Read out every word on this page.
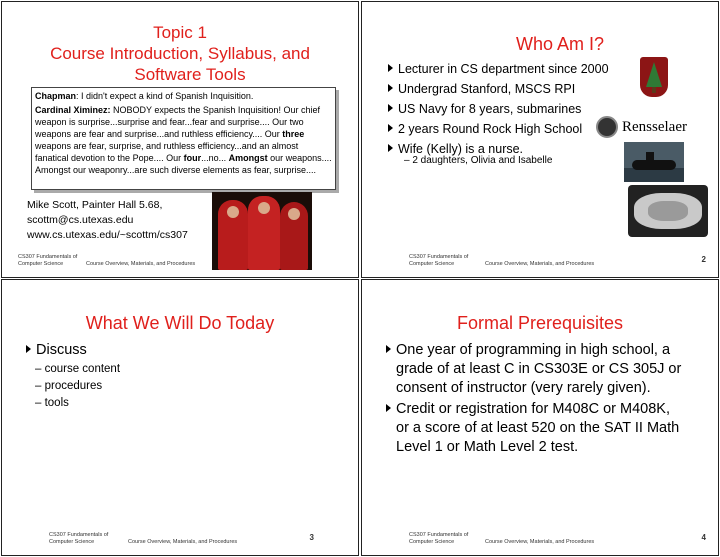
Topic 1
Course Introduction, Syllabus, and
Software Tools

Chapman: I didn't expect a kind of Spanish Inquisition.

Cardinal Ximinez: NOBODY expects the Spanish Inquisition! Our chief weapon is surprise...surprise and fear...fear and surprise.... Our two weapons are fear and surprise...and ruthless efficiency.... Our three weapons are fear, surprise, and ruthless efficiency...and an almost fanatical devotion to the Pope.... Our four...no... Amongst our weapons.... Amongst our weaponry...are such diverse elements as fear, surprise....

Mike Scott, Painter Hall 5.68,
scottm@cs.utexas.edu
www.cs.utexas.edu/~scottm/cs307
CS307 Fundamentals of Computer Science	Course Overview, Materials, and Procedures
Who Am I?
Lecturer in CS department since 2000
Undergrad Stanford, MSCS RPI
US Navy for 8 years, submarines
2 years Round Rock High School
Wife (Kelly) is a nurse.
– 2 daughters, Olivia and Isabelle
Rensselaer
CS307 Fundamentals of Computer Science	Course Overview, Materials, and Procedures	2
What We Will Do Today
Discuss
– course content
– procedures
– tools
CS307 Fundamentals of Computer Science	Course Overview, Materials, and Procedures	3
Formal Prerequisites
One year of programming in high school, a
grade of at least C in CS303E or CS 305J or
consent of instructor (very rarely given).
Credit or registration for M408C or M408K,
or a score of at least 520 on the SAT II Math
Level 1 or Math Level 2 test.
CS307 Fundamentals of Computer Science	Course Overview, Materials, and Procedures	4
